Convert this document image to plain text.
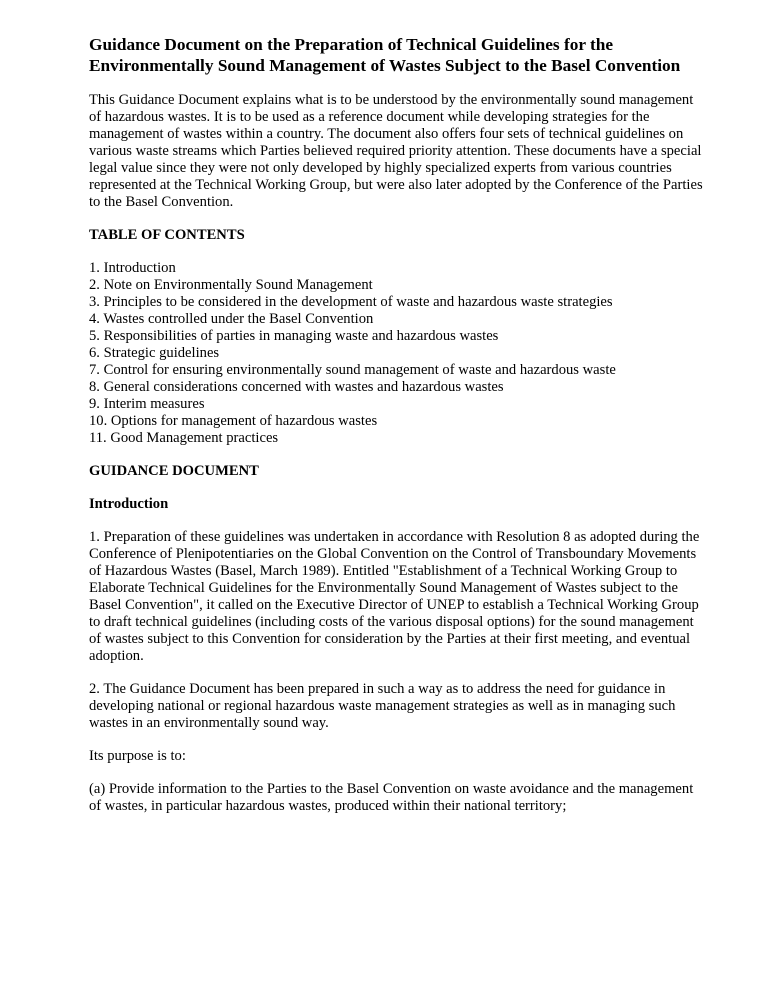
Guidance Document on the Preparation of Technical Guidelines for the Environmentally Sound Management of Wastes Subject to the Basel Convention

This Guidance Document explains what is to be understood by the environmentally sound management of hazardous wastes. It is to be used as a reference document while developing strategies for the management of wastes within a country. The document also offers four sets of technical guidelines on various waste streams which Parties believed required priority attention. These documents have a special legal value since they were not only developed by highly specialized experts from various countries represented at the Technical Working Group, but were also later adopted by the Conference of the Parties to the Basel Convention.

TABLE OF CONTENTS
1. Introduction
2. Note on Environmentally Sound Management
3. Principles to be considered in the development of waste and hazardous waste strategies
4. Wastes controlled under the Basel Convention
5. Responsibilities of parties in managing waste and hazardous wastes
6. Strategic guidelines
7. Control for ensuring environmentally sound management of waste and hazardous waste
8. General considerations concerned with wastes and hazardous wastes
9. Interim measures
10. Options for management of hazardous wastes
11. Good Management practices
GUIDANCE DOCUMENT
Introduction

1. Preparation of these guidelines was undertaken in accordance with Resolution 8 as adopted during the Conference of Plenipotentiaries on the Global Convention on the Control of Transboundary Movements of Hazardous Wastes (Basel, March 1989). Entitled "Establishment of a Technical Working Group to Elaborate Technical Guidelines for the Environmentally Sound Management of Wastes subject to the Basel Convention", it called on the Executive Director of UNEP to establish a Technical Working Group to draft technical guidelines (including costs of the various disposal options) for the sound management of wastes subject to this Convention for consideration by the Parties at their first meeting, and eventual adoption.

2. The Guidance Document has been prepared in such a way as to address the need for guidance in developing national or regional hazardous waste management strategies as well as in managing such wastes in an environmentally sound way.

Its purpose is to:

(a) Provide information to the Parties to the Basel Convention on waste avoidance and the management of wastes, in particular hazardous wastes, produced within their national territory;
